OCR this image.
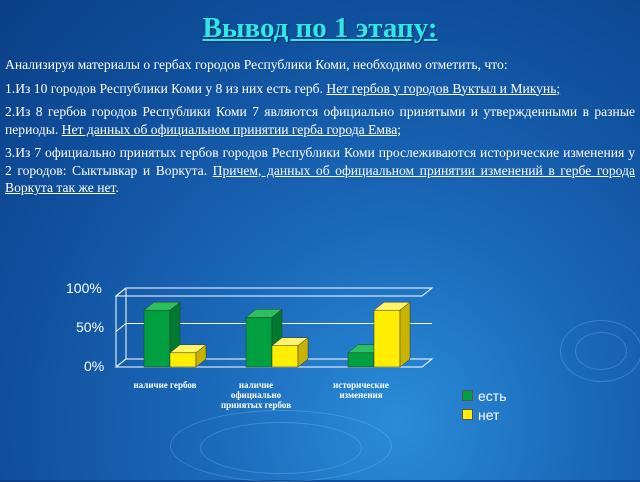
Вывод по 1 этапу:

Анализируя материалы о гербах городов Республики Коми, необходимо отметить, что:

1.Из 10 городов Республики Коми у 8 из них есть герб. Нет гербов у городов Вуктыл и Микунь;

2.Из 8 гербов городов Республики Коми 7 являются официально принятыми и утвержденными в разные периоды. Нет данных об официальном принятии герба города Емва;

3.Из 7 официально принятых гербов городов Республики Коми прослеживаются исторические изменения у 2 городов: Сыктывкар и Воркута. Причем, данных об официальном принятии изменений в гербе города Воркута так же нет.

100%
50%
0%
наличие гербов	наличие официально принятых гербов
исторические изменения	есть
нет
